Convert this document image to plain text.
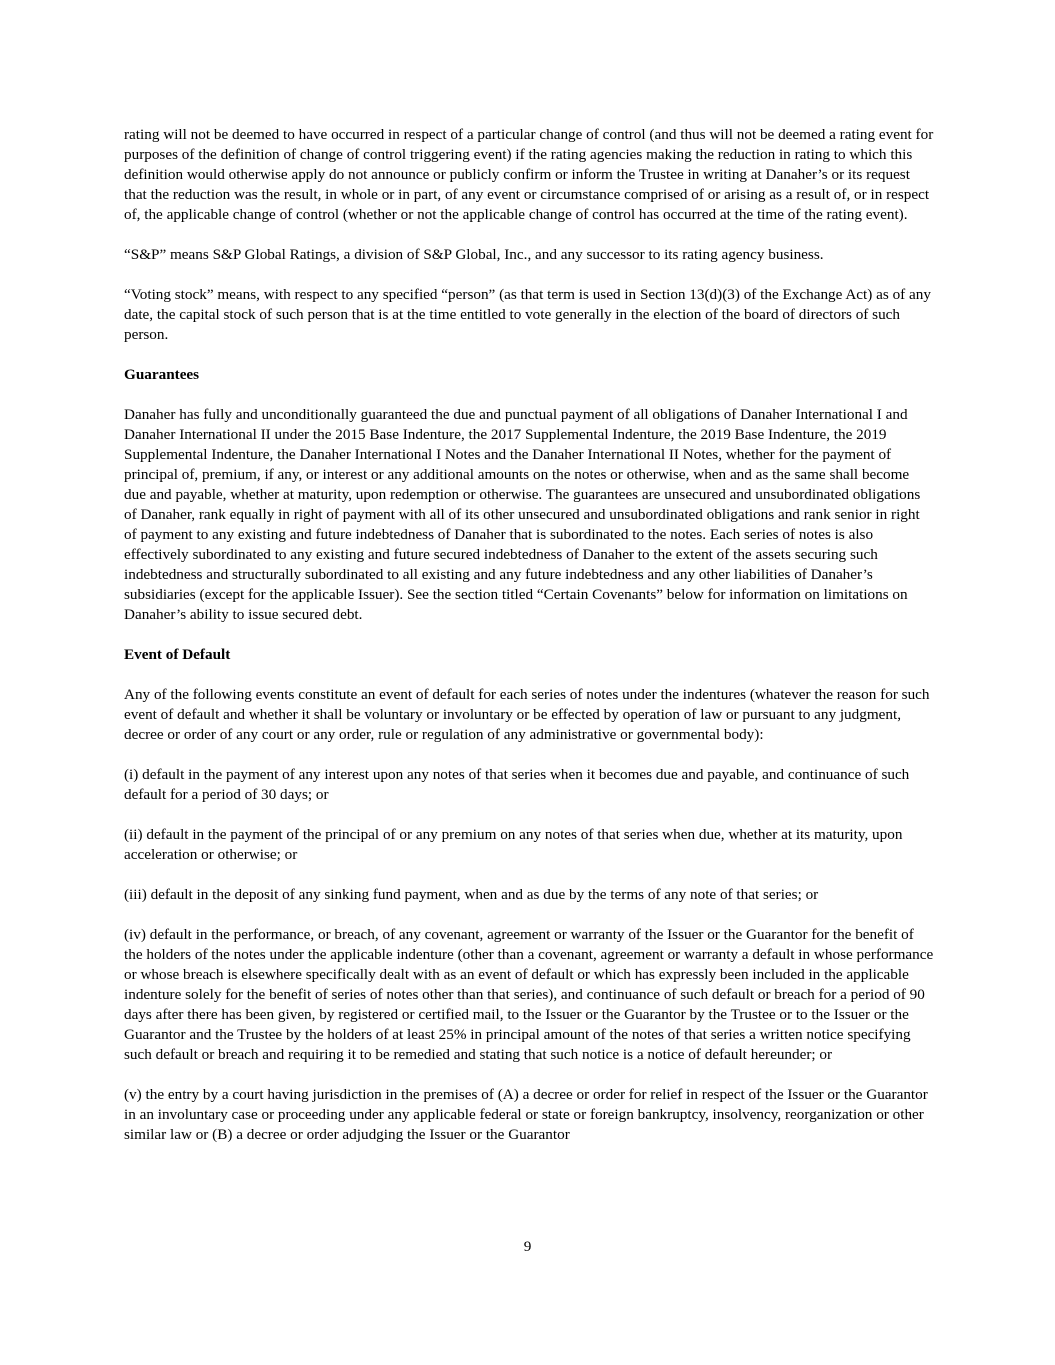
rating will not be deemed to have occurred in respect of a particular change of control (and thus will not be deemed a rating event for purposes of the definition of change of control triggering event) if the rating agencies making the reduction in rating to which this definition would otherwise apply do not announce or publicly confirm or inform the Trustee in writing at Danaher’s or its request that the reduction was the result, in whole or in part, of any event or circumstance comprised of or arising as a result of, or in respect of, the applicable change of control (whether or not the applicable change of control has occurred at the time of the rating event).

“S&P” means S&P Global Ratings, a division of S&P Global, Inc., and any successor to its rating agency business.

“Voting stock” means, with respect to any specified “person” (as that term is used in Section 13(d)(3) of the Exchange Act) as of any date, the capital stock of such person that is at the time entitled to vote generally in the election of the board of directors of such person.

Guarantees

Danaher has fully and unconditionally guaranteed the due and punctual payment of all obligations of Danaher International I and Danaher International II under the 2015 Base Indenture, the 2017 Supplemental Indenture, the 2019 Base Indenture, the 2019 Supplemental Indenture, the Danaher International I Notes and the Danaher International II Notes, whether for the payment of principal of, premium, if any, or interest or any additional amounts on the notes or otherwise, when and as the same shall become due and payable, whether at maturity, upon redemption or otherwise. The guarantees are unsecured and unsubordinated obligations of Danaher, rank equally in right of payment with all of its other unsecured and unsubordinated obligations and rank senior in right of payment to any existing and future indebtedness of Danaher that is subordinated to the notes. Each series of notes is also effectively subordinated to any existing and future secured indebtedness of Danaher to the extent of the assets securing such indebtedness and structurally subordinated to all existing and any future indebtedness and any other liabilities of Danaher’s subsidiaries (except for the applicable Issuer). See the section titled “Certain Covenants” below for information on limitations on Danaher’s ability to issue secured debt.

Event of Default

Any of the following events constitute an event of default for each series of notes under the indentures (whatever the reason for such event of default and whether it shall be voluntary or involuntary or be effected by operation of law or pursuant to any judgment, decree or order of any court or any order, rule or regulation of any administrative or governmental body):

(i) default in the payment of any interest upon any notes of that series when it becomes due and payable, and continuance of such default for a period of 30 days; or

(ii) default in the payment of the principal of or any premium on any notes of that series when due, whether at its maturity, upon acceleration or otherwise; or

(iii) default in the deposit of any sinking fund payment, when and as due by the terms of any note of that series; or

(iv) default in the performance, or breach, of any covenant, agreement or warranty of the Issuer or the Guarantor for the benefit of the holders of the notes under the applicable indenture (other than a covenant, agreement or warranty a default in whose performance or whose breach is elsewhere specifically dealt with as an event of default or which has expressly been included in the applicable indenture solely for the benefit of series of notes other than that series), and continuance of such default or breach for a period of 90 days after there has been given, by registered or certified mail, to the Issuer or the Guarantor by the Trustee or to the Issuer or the Guarantor and the Trustee by the holders of at least 25% in principal amount of the notes of that series a written notice specifying such default or breach and requiring it to be remedied and stating that such notice is a notice of default hereunder; or

(v) the entry by a court having jurisdiction in the premises of (A) a decree or order for relief in respect of the Issuer or the Guarantor in an involuntary case or proceeding under any applicable federal or state or foreign bankruptcy, insolvency, reorganization or other similar law or (B) a decree or order adjudging the Issuer or the Guarantor

9
